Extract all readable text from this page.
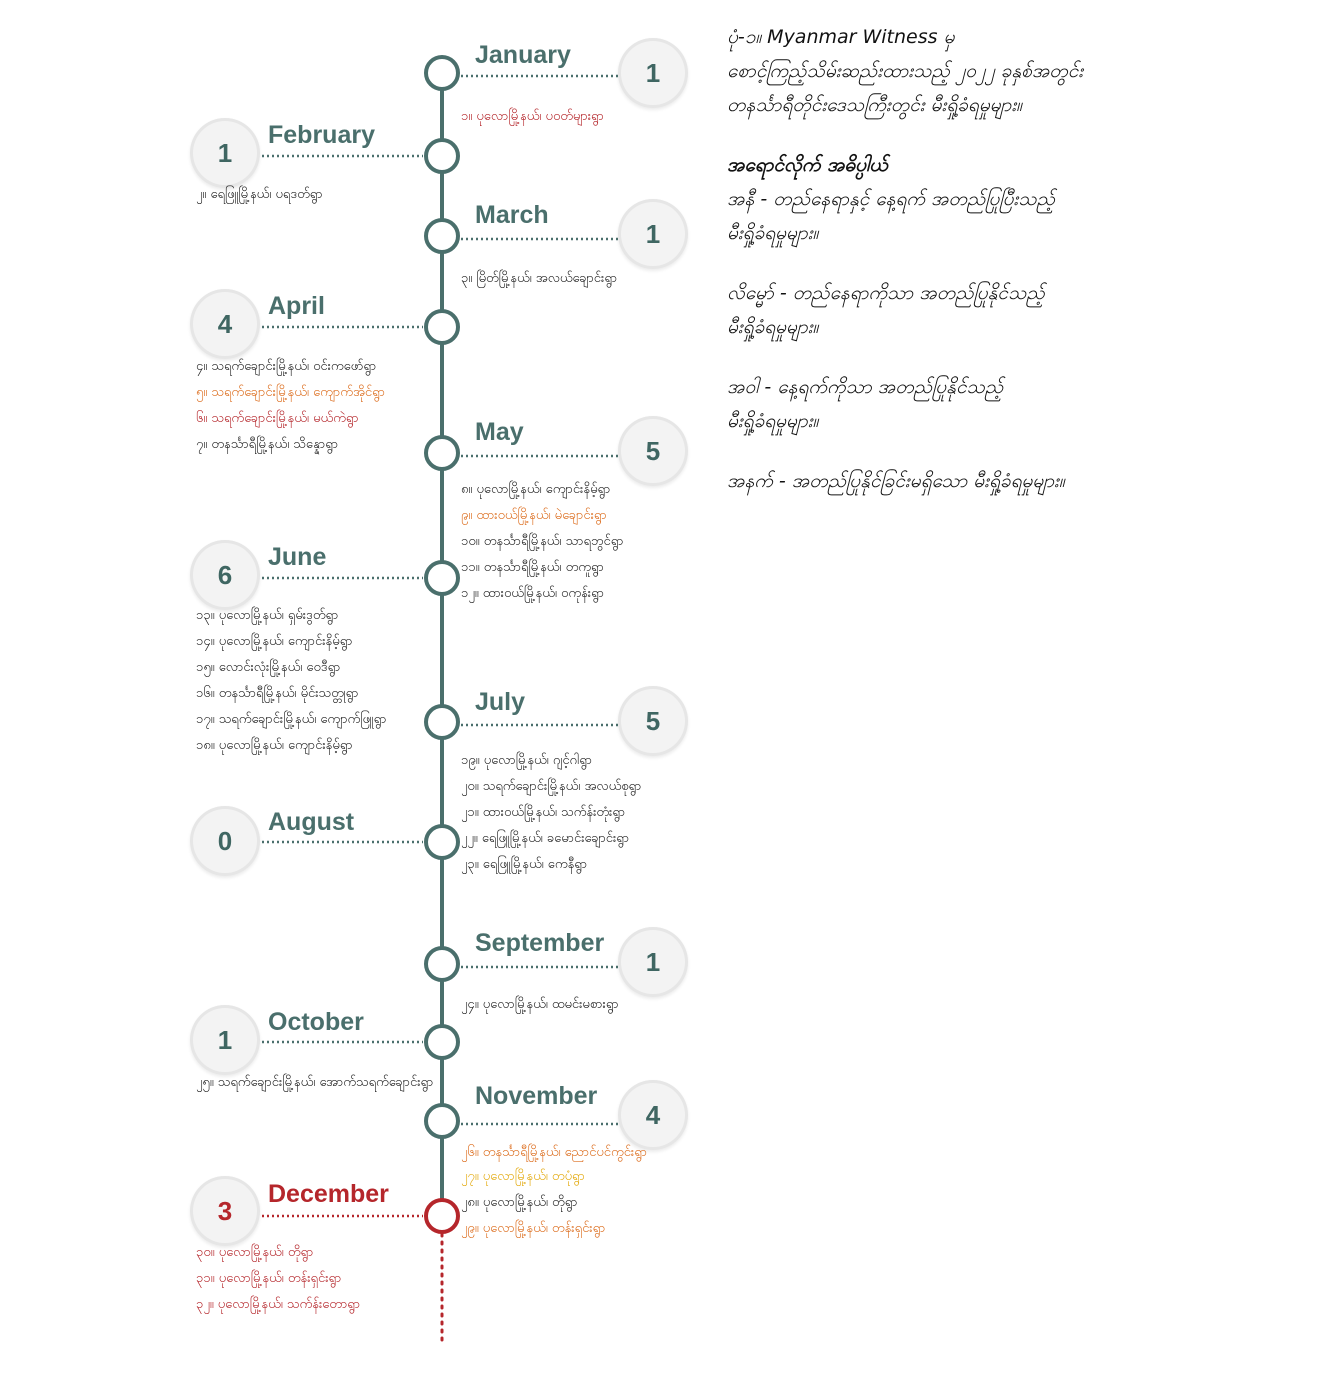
January
1
၁။ ပုလောမြို့နယ်၊ ပဝတ်များရွာ
February
1
၂။ ရေဖြူမြို့နယ်၊ ပရဒတ်ရွာ
March
1
၃။ မြိတ်မြို့နယ်၊ အလယ်ချောင်းရွာ
April
4
၄။ သရက်ချောင်းမြို့နယ်၊ ဝင်းကဖော်ရွာ
၅။ သရက်ချောင်းမြို့နယ်၊ ကျောက်အိုင်ရွာ
၆။ သရက်ချောင်းမြို့နယ်၊ မယ်ကဲရွာ
၇။ တနင်္သာရီမြို့နယ်၊ သိန္နောရွာ	May
5
၈။ ပုလောမြို့နယ်၊ ကျောင်းနိမ့်ရွာ
၉။ ထားဝယ်မြို့နယ်၊ မဲချောင်းရွာ
၁၀။ တနင်္သာရီမြို့နယ်၊ သာရဘွင်ရွာ
၁၁။ တနင်္သာရီမြို့နယ်၊ တကူရွာ
၁၂။ ထားဝယ်မြို့နယ်၊ ဝကုန်းရွာ
June
6
၁၃။ ပုလောမြို့နယ်၊ ရှမ်းဒွတ်ရွာ
၁၄။ ပုလောမြို့နယ်၊ ကျောင်းနိမ့်ရွာ
၁၅။ လောင်းလုံးမြို့နယ်၊ ဝေဒီရွာ
၁၆။ တနင်္သာရီမြို့နယ်၊ မိုင်းသတ္တုရွာ
၁၇။ သရက်ချောင်းမြို့နယ်၊ ကျောက်ဖြူရွာ
၁၈။ ပုလောမြို့နယ်၊ ကျောင်းနိမ့်ရွာ
July
5
၁၉။ ပုလောမြို့နယ်၊ ဂျင့်ဂါရွာ
၂၀။ သရက်ချောင်းမြို့နယ်၊ အလယ်စုရွာ
၂၁။ ထားဝယ်မြို့နယ်၊ သက်န်းတုံးရွာ
၂၂။ ရေဖြူမြို့နယ်၊ ခမောင်းချောင်းရွာ
၂၃။ ရေဖြူမြို့နယ်၊ ကေနီရွာ
August
0
September
1
၂၄။ ပုလောမြို့နယ်၊ ထမင်းမစားရွာ
October
1
၂၅။ သရက်ချောင်းမြို့နယ်၊ အောက်သရက်ချောင်းရွာ November
4
၂၆။ တနင်္သာရီမြို့နယ်၊ ညောင်ပင်ကွင်းရွာ
၂၇။ ပုလောမြို့နယ်၊ တပုံရွာ
၂၈။ ပုလောမြို့နယ်၊ တိုရွာ
၂၉။ ပုလောမြို့နယ်၊ တန်းရှင်းရွာ
December
3
၃၀။ ပုလောမြို့နယ်၊ တိုရွာ
၃၁။ ပုလောမြို့နယ်၊ တန်းရှင်းရွာ
၃၂။ ပုလောမြို့နယ်၊ သက်န်းတောရွာ

ပုံ-၁။ Myanmar Witness မှ

စောင့်ကြည့်သိမ်းဆည်းထားသည့် ၂၀၂၂ ခုနှစ်အတွင်း

တနင်္သာရီတိုင်းဒေသကြီးတွင်း မီးရှို့ခံရမှုများ။

အရောင်လိုက် အဓိပ္ပါယ်

အနီ - တည်နေရာနှင့် နေ့ရက် အတည်ပြုပြီးသည့်

မီးရှို့ခံရမှုများ။

လိမ္မော် - တည်နေရာကိုသာ အတည်ပြုနိုင်သည့်

မီးရှို့ခံရမှုများ။

အဝါ - နေ့ရက်ကိုသာ အတည်ပြုနိုင်သည့်

မီးရှို့ခံရမှုများ။

အနက် - အတည်ပြုနိုင်ခြင်းမရှိသော မီးရှို့ခံရမှုများ။
